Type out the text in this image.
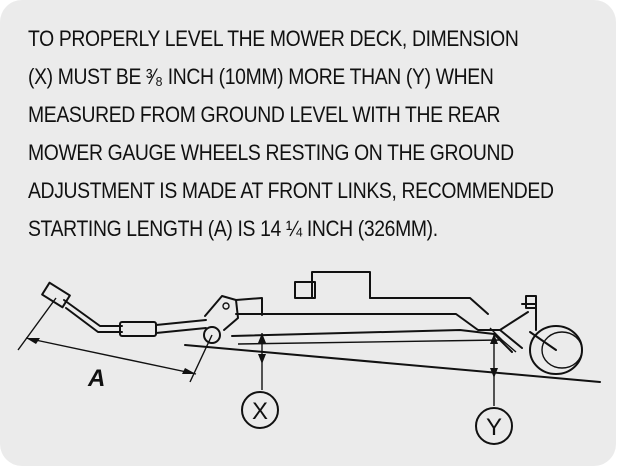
TO PROPERLY LEVEL THE MOWER DECK, DIMENSION
(X) MUST BE ³⁄₈ INCH (10MM) MORE THAN (Y) WHEN
MEASURED FROM GROUND LEVEL WITH THE REAR
MOWER GAUGE WHEELS RESTING ON THE GROUND
ADJUSTMENT IS MADE AT FRONT LINKS, RECOMMENDED
STARTING LENGTH (A) IS 14 ¼ INCH (326MM).
A
X
Y
